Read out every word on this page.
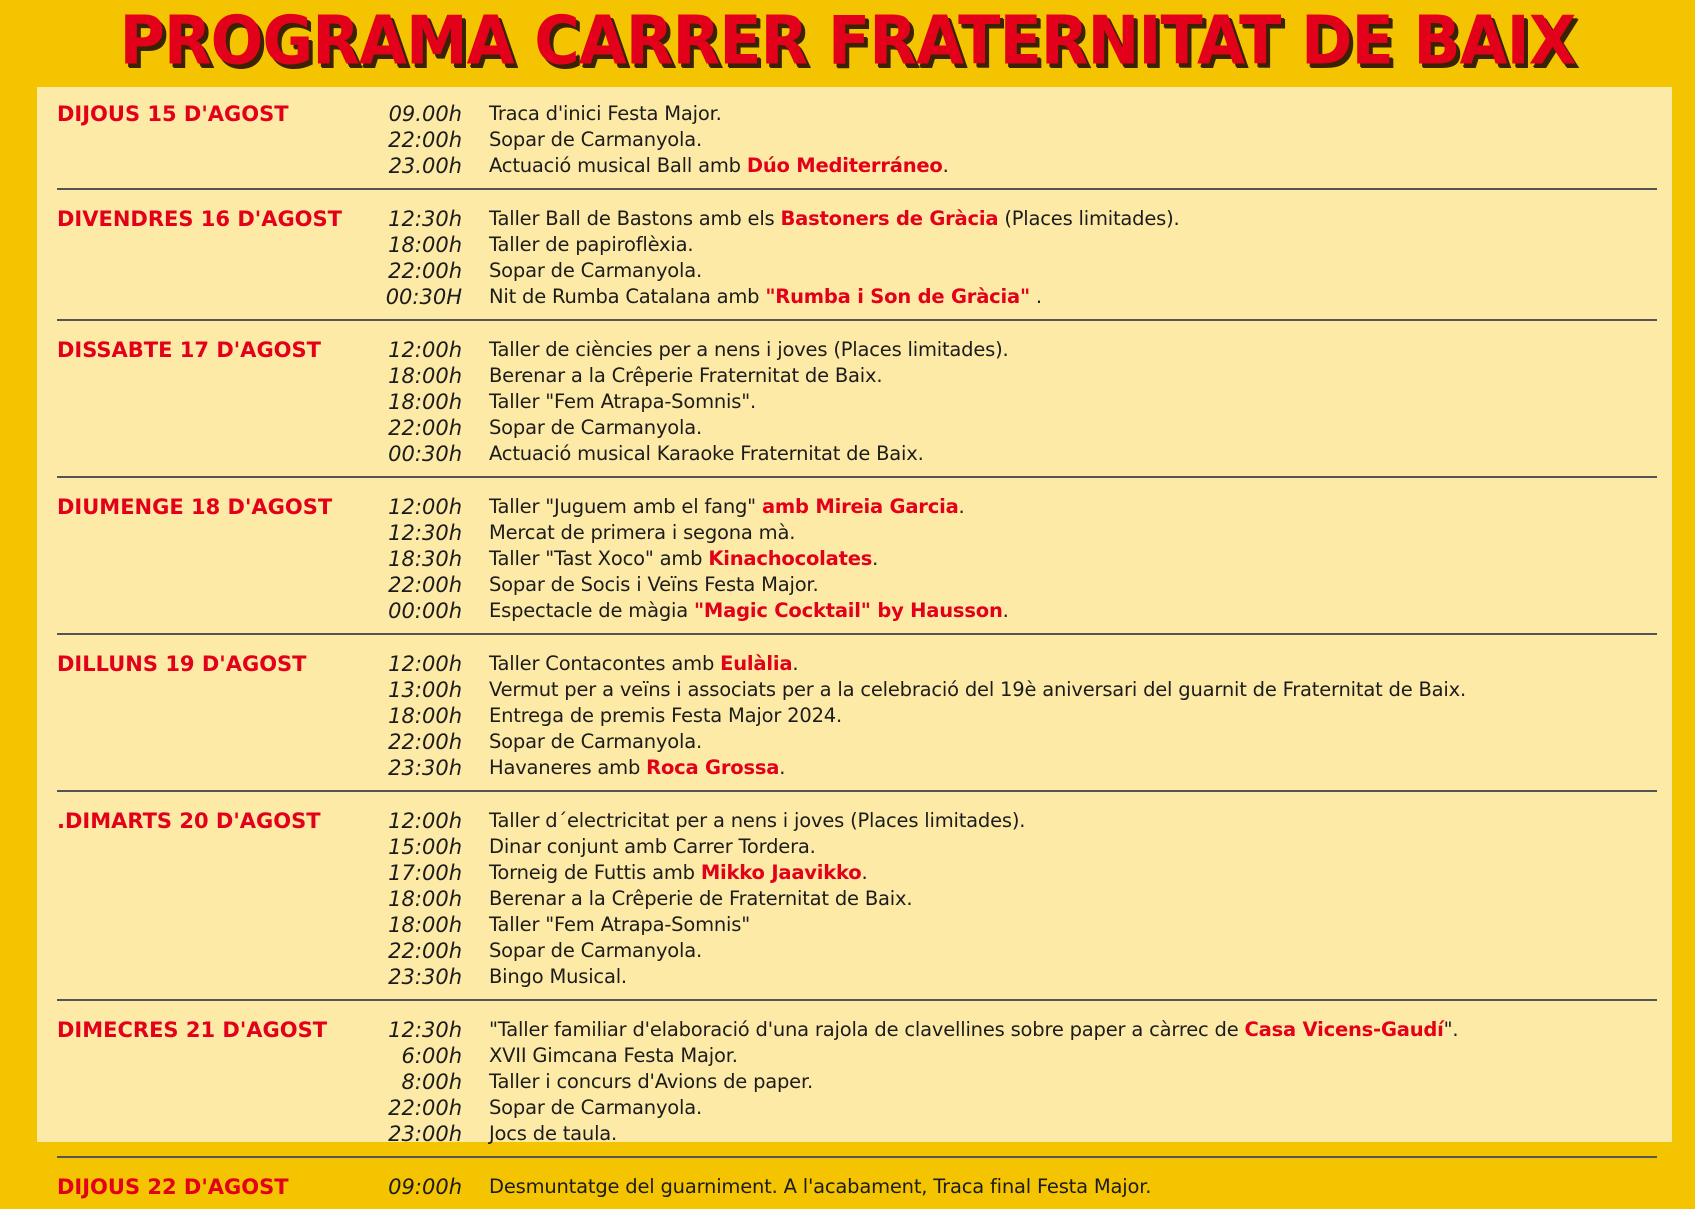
PROGRAMA CARRER FRATERNITAT DE BAIX
DIJOUS 15 D'AGOST	09.00h Traca d'inici Festa Major.
22:00h Sopar de Carmanyola.
23.00h Actuació musical Ball amb Dúo Mediterráneo.
DIVENDRES 16 D'AGOST	12:30h Taller Ball de Bastons amb els Bastoners de Gràcia (Places limitades).
18:00h Taller de papiroflèxia.
22:00h Sopar de Carmanyola.
00:30H Nit de Rumba Catalana amb "Rumba i Son de Gràcia" .
DISSABTE 17 D'AGOST	12:00h Taller de ciències per a nens i joves (Places limitades).
18:00h Berenar a la Crêperie Fraternitat de Baix.
18:00h Taller "Fem Atrapa-Somnis".
22:00h Sopar de Carmanyola.
00:30h Actuació musical Karaoke Fraternitat de Baix.
DIUMENGE 18 D'AGOST	12:00h Taller "Juguem amb el fang" amb Mireia Garcia.
12:30h Mercat de primera i segona mà.
18:30h Taller "Tast Xoco" amb Kinachocolates.
22:00h Sopar de Socis i Veïns Festa Major.
00:00h Espectacle de màgia "Magic Cocktail" by Hausson.
DILLUNS 19 D'AGOST	12:00h Taller Contacontes amb Eulàlia.
13:00h Vermut per a veïns i associats per a la celebració del 19è aniversari del guarnit de Fraternitat de Baix.
18:00h Entrega de premis Festa Major 2024.
22:00h Sopar de Carmanyola.
23:30h Havaneres amb Roca Grossa.
.DIMARTS 20 D'AGOST	12:00h Taller d´electricitat per a nens i joves (Places limitades).
15:00h Dinar conjunt amb Carrer Tordera.
17:00h Torneig de Futtis amb Mikko Jaavikko.
18:00h Berenar a la Crêperie de Fraternitat de Baix.
18:00h Taller "Fem Atrapa-Somnis"
22:00h Sopar de Carmanyola.
23:30h Bingo Musical.
DIMECRES 21 D'AGOST	12:30h "Taller familiar d'elaboració d'una rajola de clavellines sobre paper a càrrec de Casa Vicens-Gaudí".
6:00h XVII Gimcana Festa Major.
8:00h Taller i concurs d'Avions de paper.
22:00h Sopar de Carmanyola.
23:00h Jocs de taula.
DIJOUS 22 D'AGOST	09:00h Desmuntatge del guarniment. A l'acabament, Traca final Festa Major.
